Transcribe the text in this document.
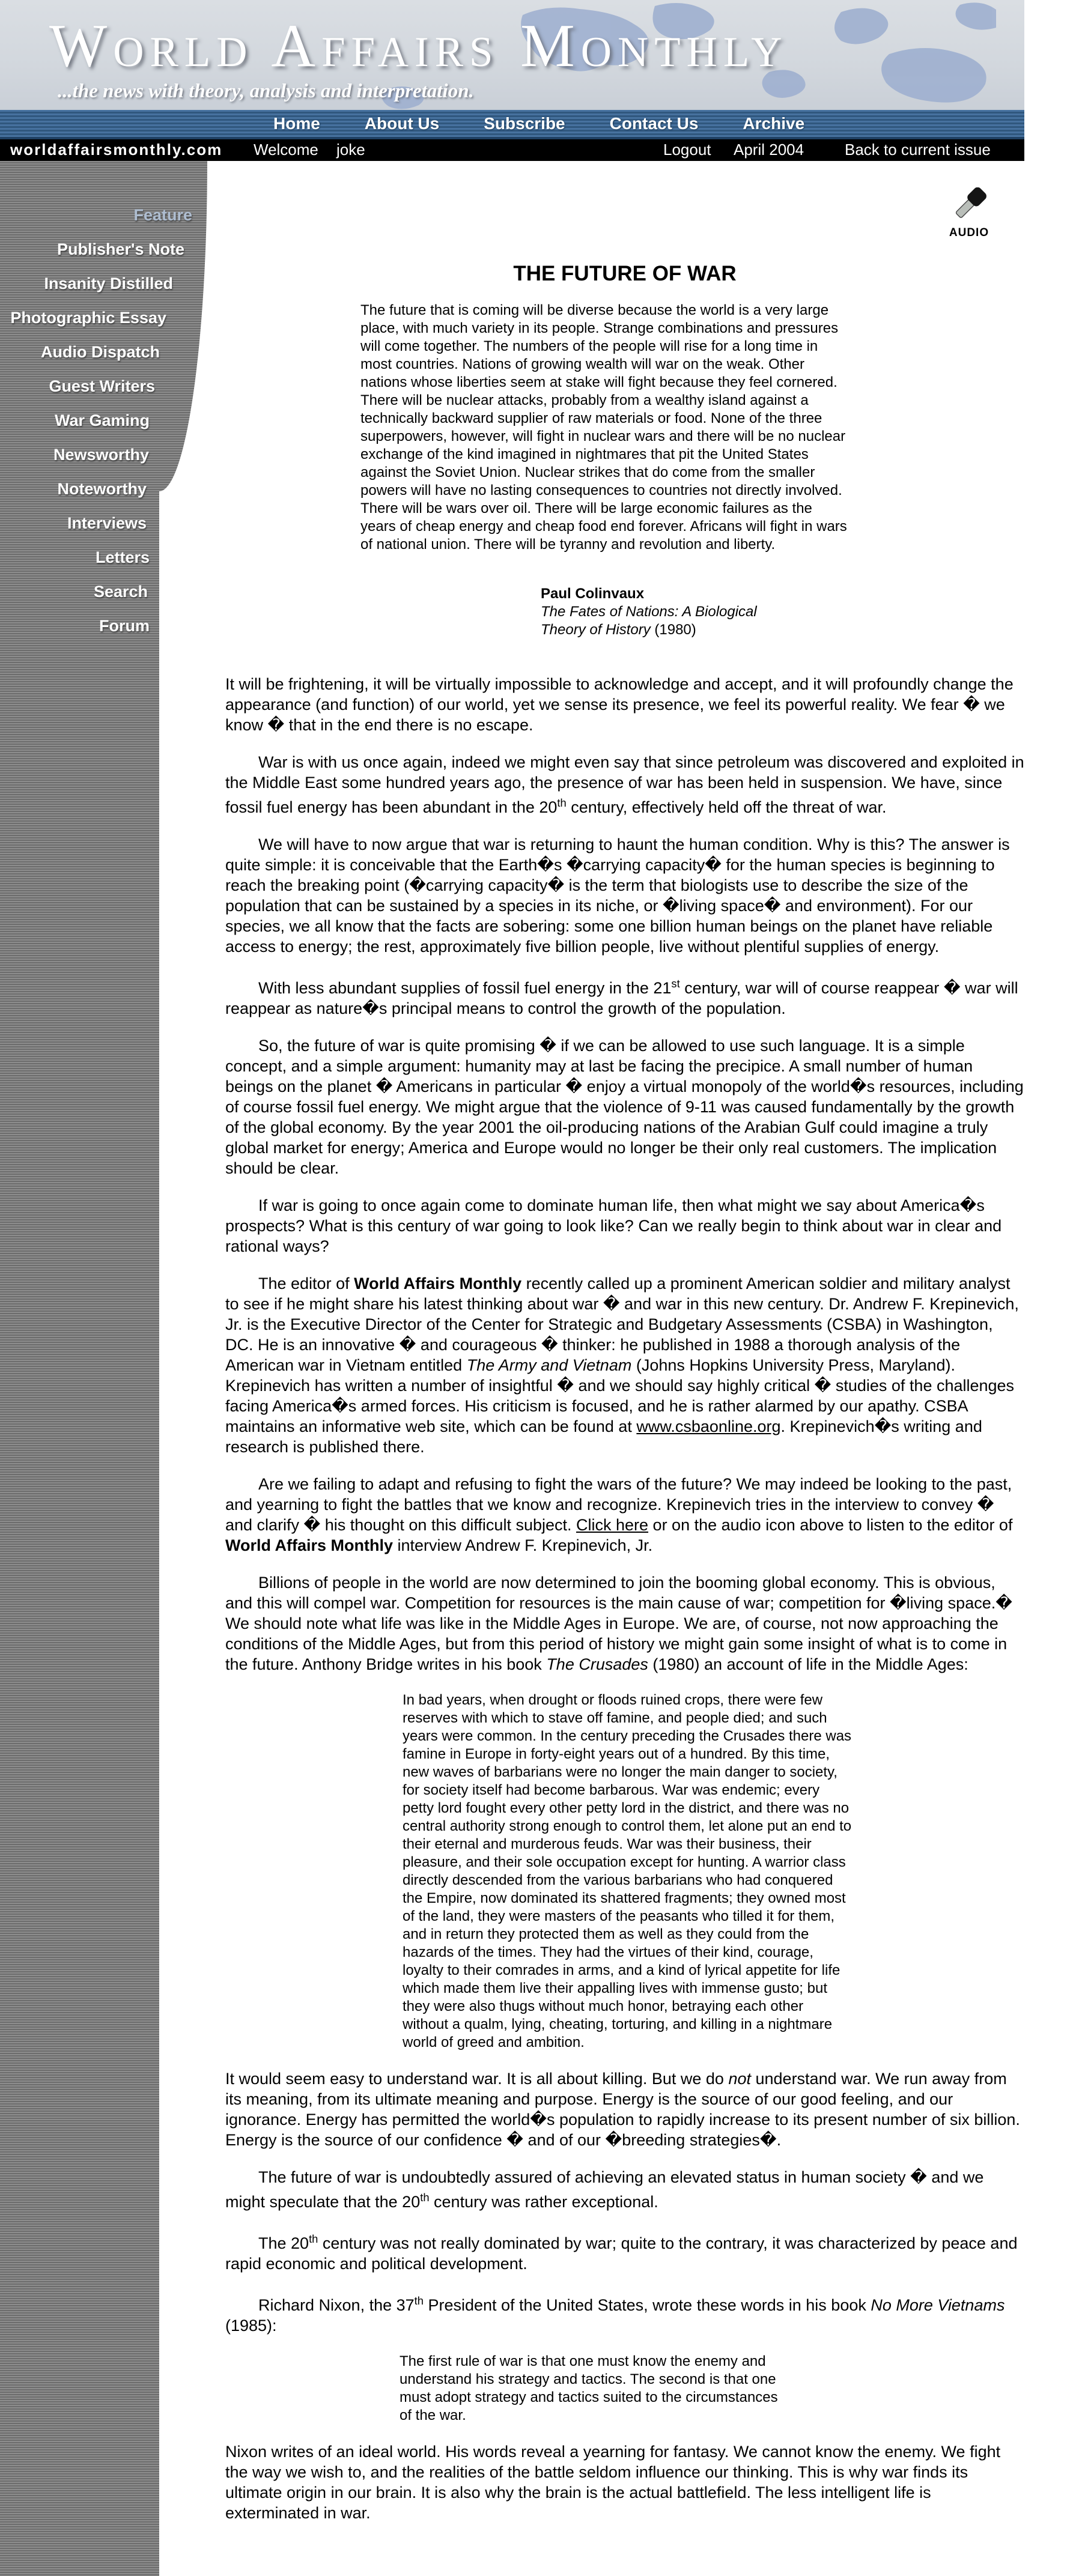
World Affairs Monthly
...the news with theory, analysis and interpretation.
Home	About Us	Subscribe	Contact Us	Archive
worldaffairsmonthly.com Welcome joke	Logout April 2004	Back to current issue
Feature
Publisher's Note
Insanity Distilled
Photographic Essay
Audio Dispatch
Guest Writers
War Gaming
Newsworthy
Noteworthy
Interviews
Letters
Search
Forum
AUDIO
THE FUTURE OF WAR
The future that is coming will be diverse because the world is a very large place, with much variety in its people. Strange combinations and pressures will come together. The numbers of the people will rise for a long time in most countries. Nations of growing wealth will war on the weak. Other nations whose liberties seem at stake will fight because they feel cornered. There will be nuclear attacks, probably from a wealthy island against a technically backward supplier of raw materials or food. None of the three superpowers, however, will fight in nuclear wars and there will be no nuclear exchange of the kind imagined in nightmares that pit the United States against the Soviet Union. Nuclear strikes that do come from the smaller powers will have no lasting consequences to countries not directly involved. There will be wars over oil. There will be large economic failures as the years of cheap energy and cheap food end forever. Africans will fight in wars of national union. There will be tyranny and revolution and liberty.
Paul Colinvaux
The Fates of Nations: A Biological Theory of History (1980)
It will be frightening, it will be virtually impossible to acknowledge and accept, and it will profoundly change the appearance (and function) of our world, yet we sense its presence, we feel its powerful reality. We fear � we know � that in the end there is no escape.
War is with us once again, indeed we might even say that since petroleum was discovered and exploited in the Middle East some hundred years ago, the presence of war has been held in suspension. We have, since fossil fuel energy has been abundant in the 20th century, effectively held off the threat of war.
We will have to now argue that war is returning to haunt the human condition. Why is this? The answer is quite simple: it is conceivable that the Earth�s �carrying capacity� for the human species is beginning to reach the breaking point (�carrying capacity� is the term that biologists use to describe the size of the population that can be sustained by a species in its niche, or �living space� and environment). For our species, we all know that the facts are sobering: some one billion human beings on the planet have reliable access to energy; the rest, approximately five billion people, live without plentiful supplies of energy.
With less abundant supplies of fossil fuel energy in the 21st century, war will of course reappear � war will reappear as nature�s principal means to control the growth of the population.
So, the future of war is quite promising � if we can be allowed to use such language. It is a simple concept, and a simple argument: humanity may at last be facing the precipice. A small number of human beings on the planet � Americans in particular � enjoy a virtual monopoly of the world�s resources, including of course fossil fuel energy. We might argue that the violence of 9-11 was caused fundamentally by the growth of the global economy. By the year 2001 the oil-producing nations of the Arabian Gulf could imagine a truly global market for energy; America and Europe would no longer be their only real customers. The implication should be clear.
If war is going to once again come to dominate human life, then what might we say about America�s prospects? What is this century of war going to look like? Can we really begin to think about war in clear and rational ways?
The editor of World Affairs Monthly recently called up a prominent American soldier and military analyst to see if he might share his latest thinking about war � and war in this new century. Dr. Andrew F. Krepinevich, Jr. is the Executive Director of the Center for Strategic and Budgetary Assessments (CSBA) in Washington, DC. He is an innovative � and courageous � thinker: he published in 1988 a thorough analysis of the American war in Vietnam entitled The Army and Vietnam (Johns Hopkins University Press, Maryland). Krepinevich has written a number of insightful � and we should say highly critical � studies of the challenges facing America�s armed forces. His criticism is focused, and he is rather alarmed by our apathy. CSBA maintains an informative web site, which can be found at www.csbaonline.org. Krepinevich�s writing and research is published there.
Are we failing to adapt and refusing to fight the wars of the future? We may indeed be looking to the past, and yearning to fight the battles that we know and recognize. Krepinevich tries in the interview to convey � and clarify � his thought on this difficult subject. Click here or on the audio icon above to listen to the editor of World Affairs Monthly interview Andrew F. Krepinevich, Jr.
Billions of people in the world are now determined to join the booming global economy. This is obvious, and this will compel war. Competition for resources is the main cause of war; competition for �living space.� We should note what life was like in the Middle Ages in Europe. We are, of course, not now approaching the conditions of the Middle Ages, but from this period of history we might gain some insight of what is to come in the future. Anthony Bridge writes in his book The Crusades (1980) an account of life in the Middle Ages:
In bad years, when drought or floods ruined crops, there were few reserves with which to stave off famine, and people died; and such years were common. In the century preceding the Crusades there was famine in Europe in forty-eight years out of a hundred. By this time, new waves of barbarians were no longer the main danger to society, for society itself had become barbarous. War was endemic; every petty lord fought every other petty lord in the district, and there was no central authority strong enough to control them, let alone put an end to their eternal and murderous feuds. War was their business, their pleasure, and their sole occupation except for hunting. A warrior class directly descended from the various barbarians who had conquered the Empire, now dominated its shattered fragments; they owned most of the land, they were masters of the peasants who tilled it for them, and in return they protected them as well as they could from the hazards of the times. They had the virtues of their kind, courage, loyalty to their comrades in arms, and a kind of lyrical appetite for life which made them live their appalling lives with immense gusto; but they were also thugs without much honor, betraying each other without a qualm, lying, cheating, torturing, and killing in a nightmare world of greed and ambition.
It would seem easy to understand war. It is all about killing. But we do not understand war. We run away from its meaning, from its ultimate meaning and purpose. Energy is the source of our good feeling, and our ignorance. Energy has permitted the world�s population to rapidly increase to its present number of six billion. Energy is the source of our confidence � and of our �breeding strategies�.
The future of war is undoubtedly assured of achieving an elevated status in human society � and we might speculate that the 20th century was rather exceptional.
The 20th century was not really dominated by war; quite to the contrary, it was characterized by peace and rapid economic and political development.
Richard Nixon, the 37th President of the United States, wrote these words in his book No More Vietnams (1985):
The first rule of war is that one must know the enemy and understand his strategy and tactics. The second is that one must adopt strategy and tactics suited to the circumstances of the war.
Nixon writes of an ideal world. His words reveal a yearning for fantasy. We cannot know the enemy. We fight the way we wish to, and the realities of the battle seldom influence our thinking. This is why war finds its ultimate origin in our brain. It is also why the brain is the actual battlefield. The less intelligent life is exterminated in war.
